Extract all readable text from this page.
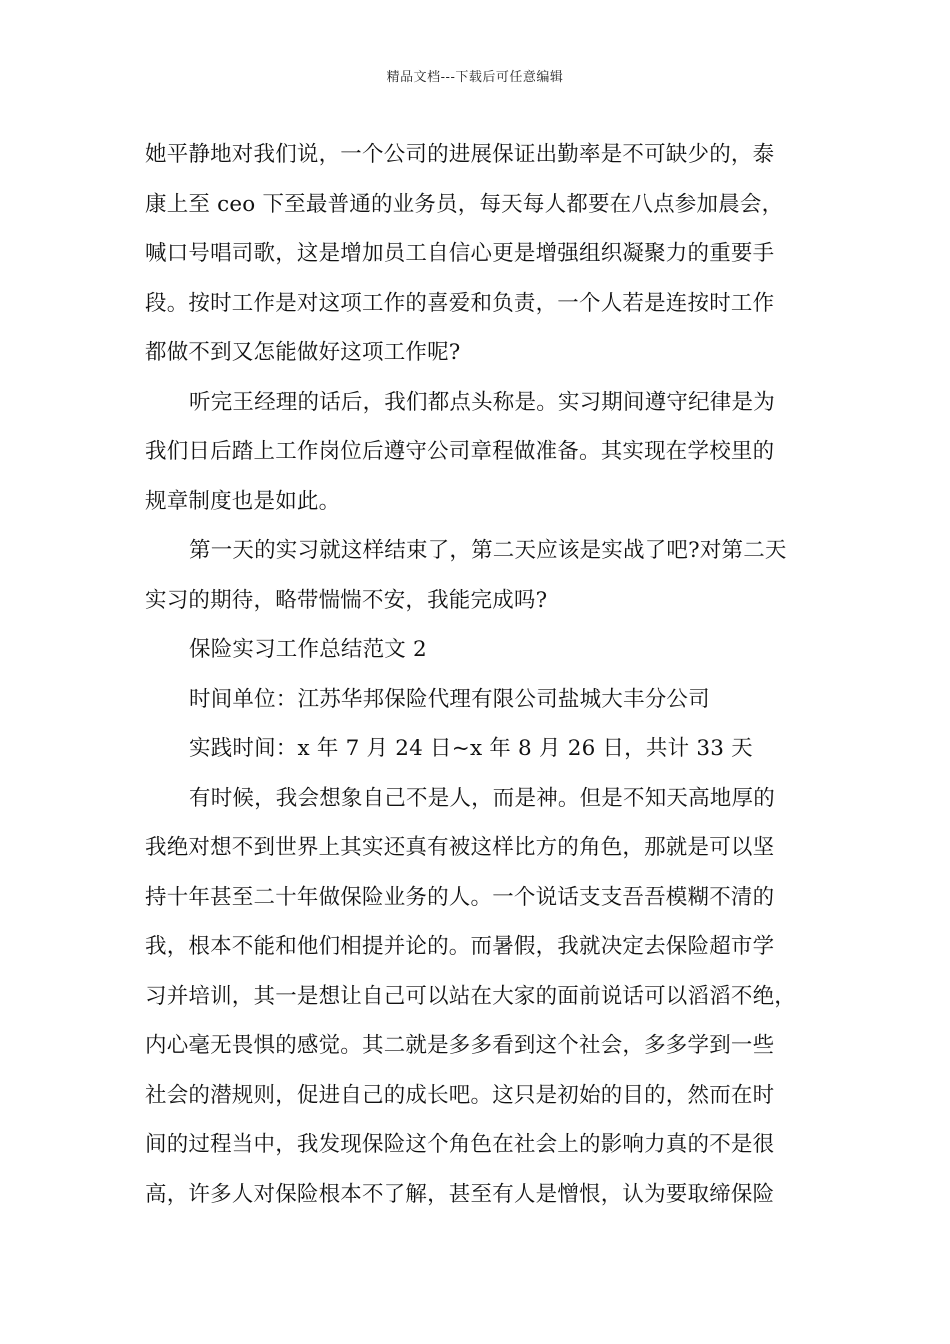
精品文档---下载后可任意编辑
她平静地对我们说，一个公司的进展保证出勤率是不可缺少的，泰
康上至 ceo 下至最普通的业务员，每天每人都要在八点参加晨会，
喊口号唱司歌，这是增加员工自信心更是增强组织凝聚力的重要手
段。按时工作是对这项工作的喜爱和负责，一个人若是连按时工作
都做不到又怎能做好这项工作呢?
听完王经理的话后，我们都点头称是。实习期间遵守纪律是为
我们日后踏上工作岗位后遵守公司章程做准备。其实现在学校里的
规章制度也是如此。
第一天的实习就这样结束了，第二天应该是实战了吧?对第二天
实习的期待，略带惴惴不安，我能完成吗?
保险实习工作总结范文 2
时间单位：江苏华邦保险代理有限公司盐城大丰分公司
实践时间：x 年 7 月 24 日~x 年 8 月 26 日，共计 33 天
有时候，我会想象自己不是人，而是神。但是不知天高地厚的
我绝对想不到世界上其实还真有被这样比方的角色，那就是可以坚
持十年甚至二十年做保险业务的人。一个说话支支吾吾模糊不清的
我，根本不能和他们相提并论的。而暑假，我就决定去保险超市学
习并培训，其一是想让自己可以站在大家的面前说话可以滔滔不绝，
内心毫无畏惧的感觉。其二就是多多看到这个社会，多多学到一些
社会的潜规则，促进自己的成长吧。这只是初始的目的，然而在时
间的过程当中，我发现保险这个角色在社会上的影响力真的不是很
高，许多人对保险根本不了解，甚至有人是憎恨，认为要取缔保险
